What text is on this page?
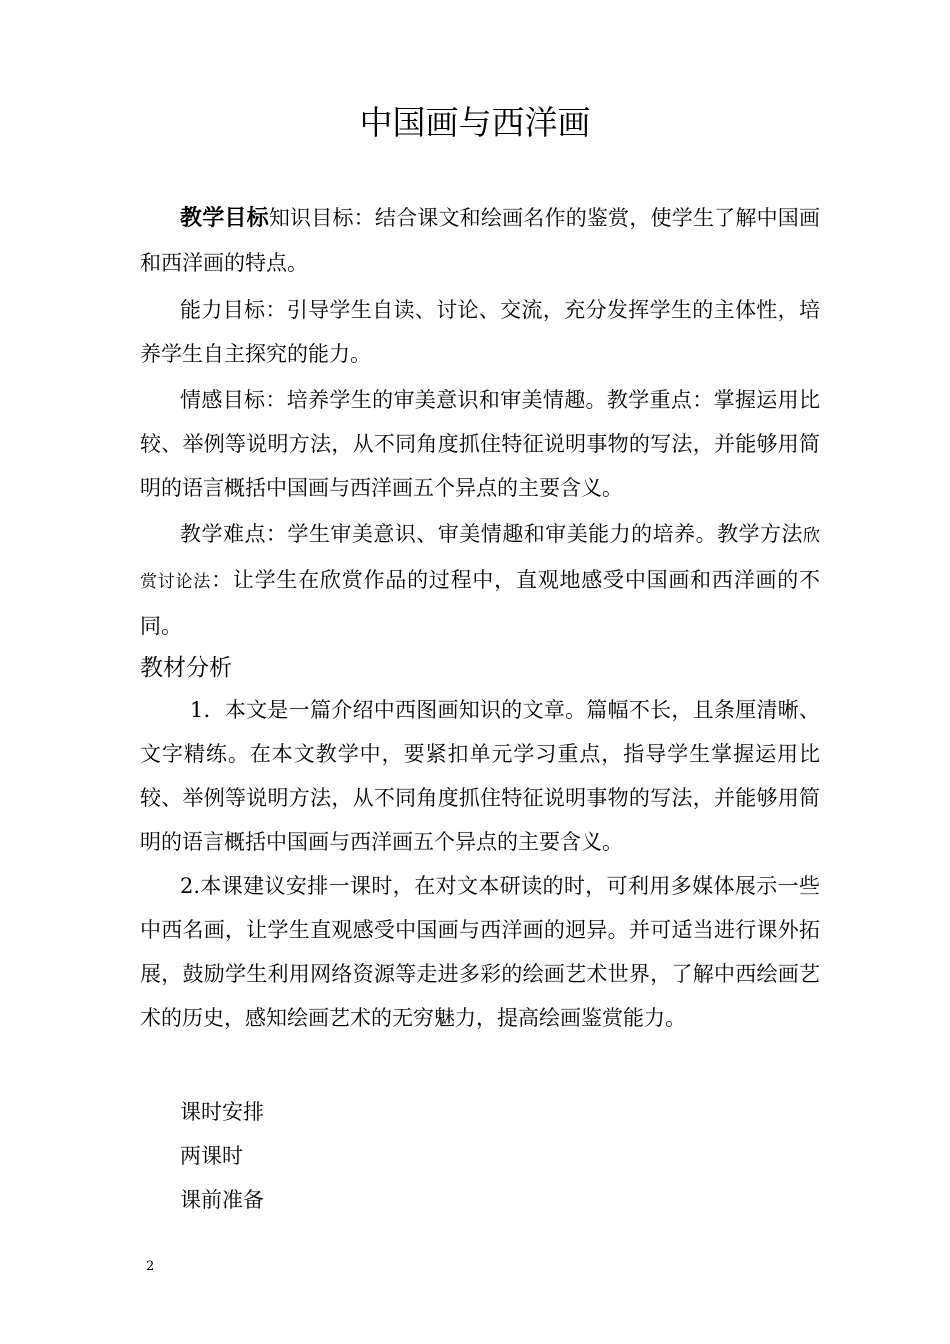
中国画与西洋画
教学目标知识目标：结合课文和绘画名作的鉴赏，使学生了解中国画和西洋画的特点。
能力目标：引导学生自读、讨论、交流，充分发挥学生的主体性，培养学生自主探究的能力。
情感目标：培养学生的审美意识和审美情趣。教学重点：掌握运用比较、举例等说明方法，从不同角度抓住特征说明事物的写法，并能够用简明的语言概括中国画与西洋画五个异点的主要含义。
教学难点：学生审美意识、审美情趣和审美能力的培养。教学方法欣赏讨论法：让学生在欣赏作品的过程中，直观地感受中国画和西洋画的不同。
教材分析
1．本文是一篇介绍中西图画知识的文章。篇幅不长，且条厘清晰、文字精练。在本文教学中，要紧扣单元学习重点，指导学生掌握运用比较、举例等说明方法，从不同角度抓住特征说明事物的写法，并能够用简明的语言概括中国画与西洋画五个异点的主要含义。
2.本课建议安排一课时，在对文本研读的时，可利用多媒体展示一些中西名画，让学生直观感受中国画与西洋画的迥异。并可适当进行课外拓展，鼓励学生利用网络资源等走进多彩的绘画艺术世界，了解中西绘画艺术的历史，感知绘画艺术的无穷魅力，提高绘画鉴赏能力。
课时安排
两课时
课前准备
2
